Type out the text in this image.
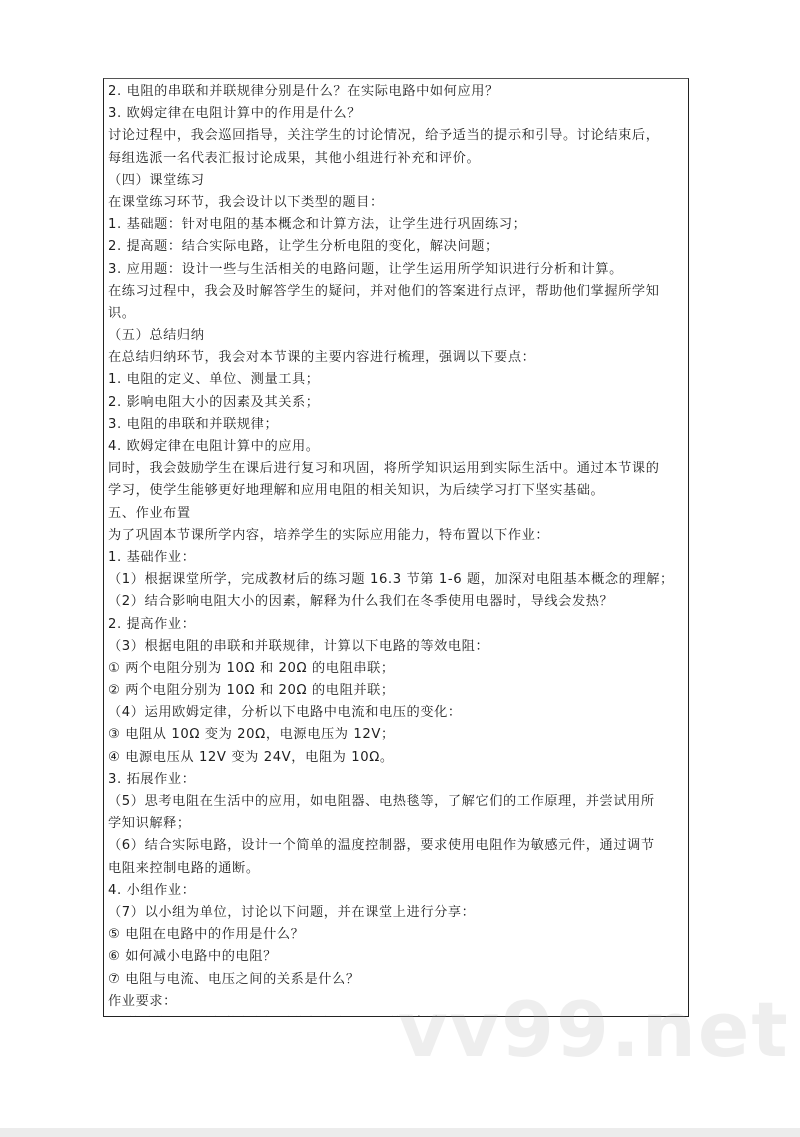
2. 电阻的串联和并联规律分别是什么？在实际电路中如何应用？
3. 欧姆定律在电阻计算中的作用是什么？
讨论过程中，我会巡回指导，关注学生的讨论情况，给予适当的提示和引导。讨论结束后，
每组选派一名代表汇报讨论成果，其他小组进行补充和评价。
（四）课堂练习
在课堂练习环节，我会设计以下类型的题目：
1. 基础题：针对电阻的基本概念和计算方法，让学生进行巩固练习；
2. 提高题：结合实际电路，让学生分析电阻的变化，解决问题；
3. 应用题：设计一些与生活相关的电路问题，让学生运用所学知识进行分析和计算。
在练习过程中，我会及时解答学生的疑问，并对他们的答案进行点评，帮助他们掌握所学知
识。
（五）总结归纳
在总结归纳环节，我会对本节课的主要内容进行梳理，强调以下要点：
1. 电阻的定义、单位、测量工具；
2. 影响电阻大小的因素及其关系；
3. 电阻的串联和并联规律；
4. 欧姆定律在电阻计算中的应用。
同时，我会鼓励学生在课后进行复习和巩固，将所学知识运用到实际生活中。通过本节课的
学习，使学生能够更好地理解和应用电阻的相关知识，为后续学习打下坚实基础。
五、作业布置
为了巩固本节课所学内容，培养学生的实际应用能力，特布置以下作业：
1. 基础作业：
（1）根据课堂所学，完成教材后的练习题 16.3 节第 1-6 题，加深对电阻基本概念的理解；
（2）结合影响电阻大小的因素，解释为什么我们在冬季使用电器时，导线会发热？
2. 提高作业：
（3）根据电阻的串联和并联规律，计算以下电路的等效电阻：
① 两个电阻分别为 10Ω 和 20Ω 的电阻串联；
② 两个电阻分别为 10Ω 和 20Ω 的电阻并联；
（4）运用欧姆定律，分析以下电路中电流和电压的变化：
③ 电阻从 10Ω 变为 20Ω，电源电压为 12V；
④ 电源电压从 12V 变为 24V，电阻为 10Ω。
3. 拓展作业：
（5）思考电阻在生活中的应用，如电阻器、电热毯等，了解它们的工作原理，并尝试用所
学知识解释；
（6）结合实际电路，设计一个简单的温度控制器，要求使用电阻作为敏感元件，通过调节
电阻来控制电路的通断。
4. 小组作业：
（7）以小组为单位，讨论以下问题，并在课堂上进行分享：
⑤ 电阻在电路中的作用是什么？
⑥ 如何减小电路中的电阻？
⑦ 电阻与电流、电压之间的关系是什么？
作业要求：	vv99.net
